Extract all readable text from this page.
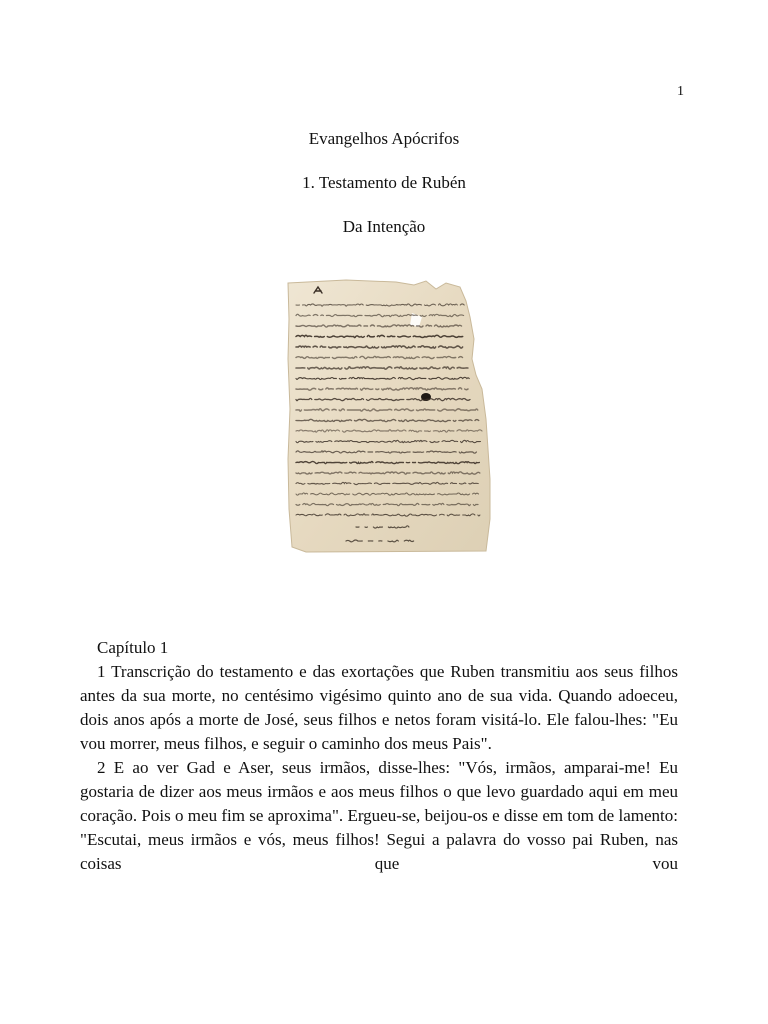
1
Evangelhos Apócrifos
1. Testamento de Rubén
Da Intenção
Capítulo 1

1 Transcrição do testamento e das exortações que Ruben transmitiu aos seus filhos antes da sua morte, no centésimo vigésimo quinto ano de sua vida. Quando adoeceu, dois anos após a morte de José, seus filhos e netos foram visitá-lo. Ele falou-lhes: "Eu vou morrer, meus filhos, e seguir o caminho dos meus Pais".

2 E ao ver Gad e Aser, seus irmãos, disse-lhes: "Vós, irmãos, amparai-me! Eu gostaria de dizer aos meus irmãos e aos meus filhos o que levo guardado aqui em meu coração. Pois o meu fim se aproxima". Ergueu-se, beijou-os e disse em tom de lamento: "Escutai, meus irmãos e vós, meus filhos! Segui a palavra do vosso pai Ruben, nas coisas que vou
